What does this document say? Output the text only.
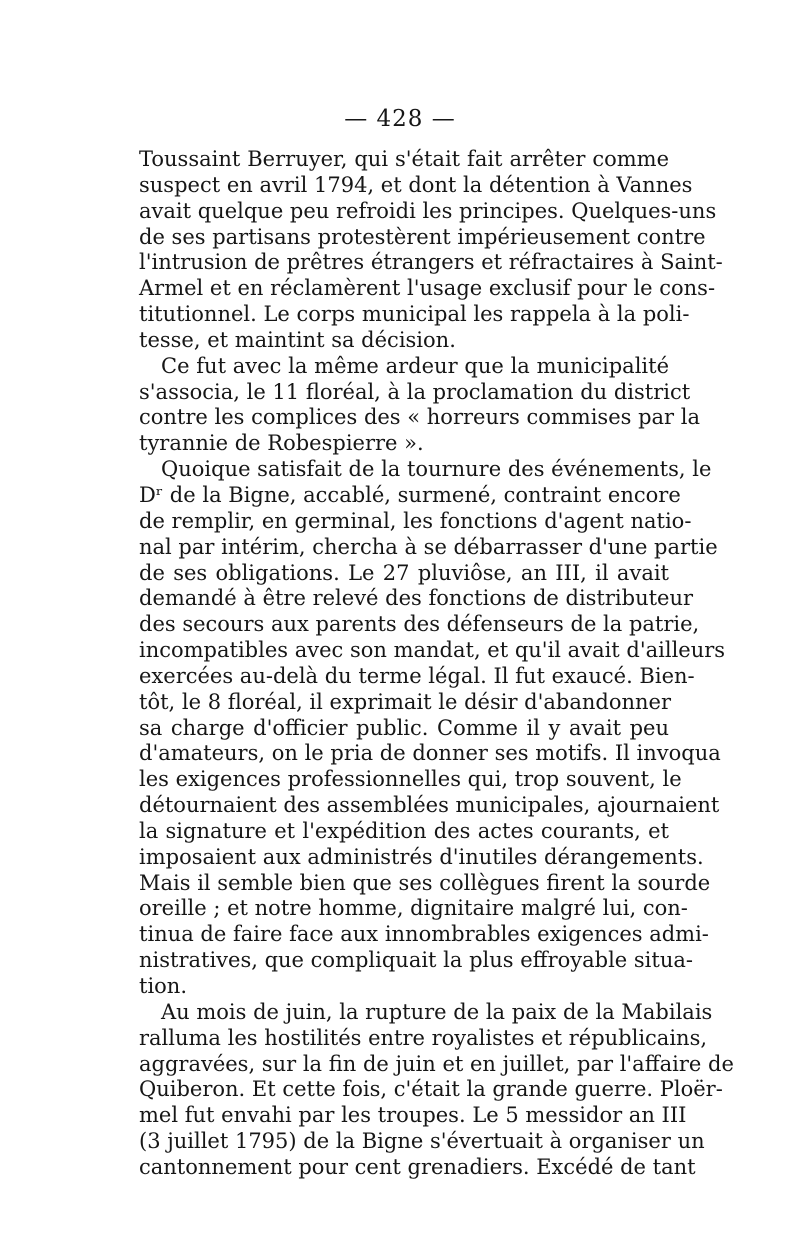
— 428 —
Toussaint Berruyer, qui s'était fait arrêter comme
suspect en avril 1794, et dont la détention à Vannes
avait quelque peu refroidi les principes. Quelques-uns
de ses partisans protestèrent impérieusement contre
l'intrusion de prêtres étrangers et réfractaires à Saint-
Armel et en réclamèrent l'usage exclusif pour le cons-
titutionnel. Le corps municipal les rappela à la poli-
tesse, et maintint sa décision.
Ce fut avec la même ardeur que la municipalité
s'associa, le 11 floréal, à la proclamation du district
contre les complices des « horreurs commises par la
tyrannie de Robespierre ».
Quoique satisfait de la tournure des événements, le
Dʳ de la Bigne, accablé, surmené, contraint encore
de remplir, en germinal, les fonctions d'agent natio-
nal par intérim, chercha à se débarrasser d'une partie
de ses obligations. Le 27 pluviôse, an III, il avait
demandé à être relevé des fonctions de distributeur
des secours aux parents des défenseurs de la patrie,
incompatibles avec son mandat, et qu'il avait d'ailleurs
exercées au-delà du terme légal. Il fut exaucé. Bien-
tôt, le 8 floréal, il exprimait le désir d'abandonner
sa charge d'officier public. Comme il y avait peu
d'amateurs, on le pria de donner ses motifs. Il invoqua
les exigences professionnelles qui, trop souvent, le
détournaient des assemblées municipales, ajournaient
la signature et l'expédition des actes courants, et
imposaient aux administrés d'inutiles dérangements.
Mais il semble bien que ses collègues firent la sourde
oreille ; et notre homme, dignitaire malgré lui, con-
tinua de faire face aux innombrables exigences admi-
nistratives, que compliquait la plus effroyable situa-
tion.
Au mois de juin, la rupture de la paix de la Mabilais
ralluma les hostilités entre royalistes et républicains,
aggravées, sur la fin de juin et en juillet, par l'affaire de
Quiberon. Et cette fois, c'était la grande guerre. Ploër-
mel fut envahi par les troupes. Le 5 messidor an III
(3 juillet 1795) de la Bigne s'évertuait à organiser un
cantonnement pour cent grenadiers. Excédé de tant
